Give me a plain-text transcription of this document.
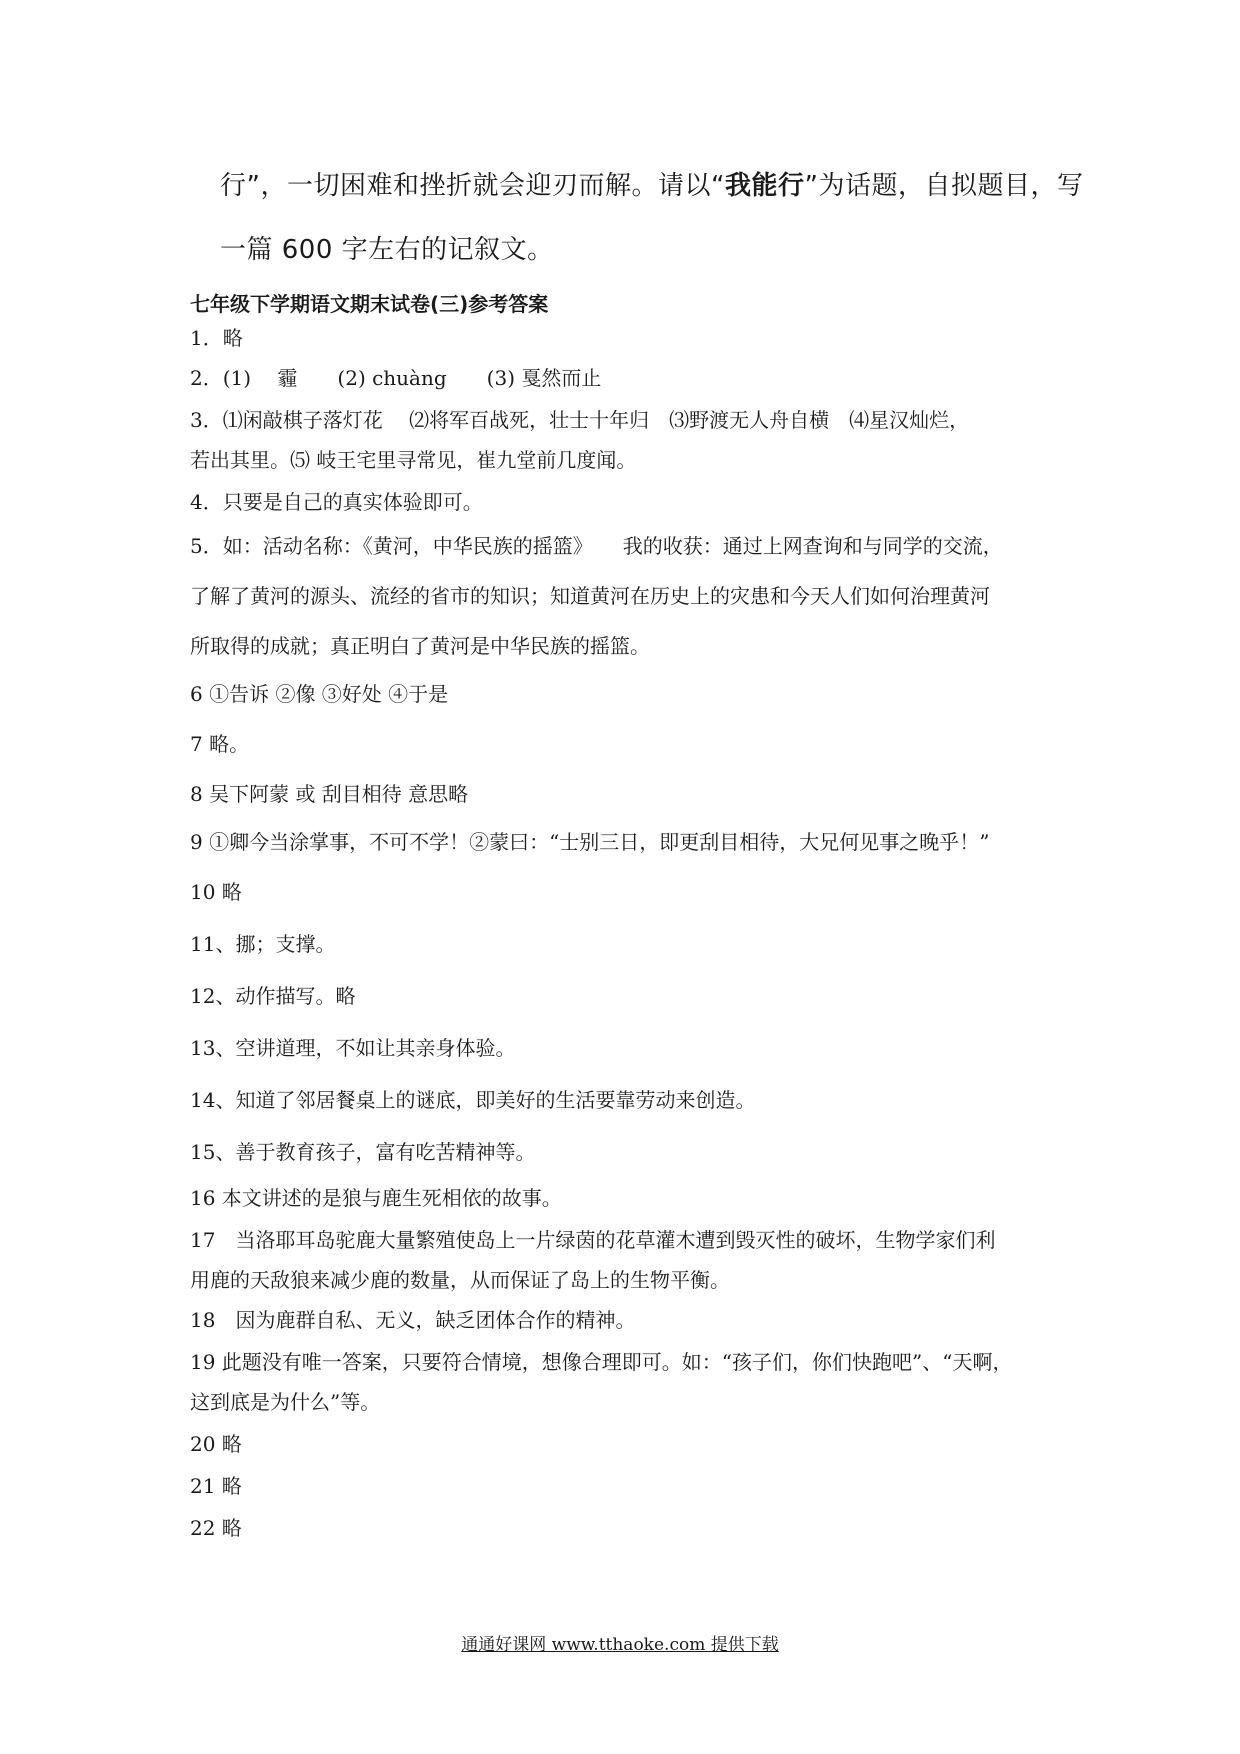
行”，一切困难和挫折就会迎刃而解。请以“我能行”为话题，自拟题目，写
一篇 600 字左右的记叙文。
七年级下学期语文期末试卷(三)参考答案
1．略
2．(1)　 霾　　(2) chuàng　　(3) 戛然而止
3．⑴闲敲棋子落灯花　 ⑵将军百战死，壮士十年归　⑶野渡无人舟自横　⑷星汉灿烂，
若出其里。⑸ 岐王宅里寻常见，崔九堂前几度闻。
4．只要是自己的真实体验即可。
5．如：活动名称：《黄河，中华民族的摇篮》　　我的收获：通过上网查询和与同学的交流，
了解了黄河的源头、流经的省市的知识；知道黄河在历史上的灾患和今天人们如何治理黄河
所取得的成就；真正明白了黄河是中华民族的摇篮。
6 ①告诉 ②像 ③好处 ④于是
7 略。
8 吴下阿蒙 或 刮目相待 意思略
9 ①卿今当涂掌事，不可不学！②蒙曰：“士别三日，即更刮目相待，大兄何见事之晚乎！”
10 略
11、挪；支撑。
12、动作描写。略
13、空讲道理，不如让其亲身体验。
14、知道了邻居餐桌上的谜底，即美好的生活要靠劳动来创造。
15、善于教育孩子，富有吃苦精神等。
16 本文讲述的是狼与鹿生死相依的故事。
17　当洛耶耳岛驼鹿大量繁殖使岛上一片绿茵的花草灌木遭到毁灭性的破坏，生物学家们利
用鹿的天敌狼来减少鹿的数量，从而保证了岛上的生物平衡。
18　因为鹿群自私、无义，缺乏团体合作的精神。
19 此题没有唯一答案，只要符合情境，想像合理即可。如：“孩子们，你们快跑吧”、“天啊，
这到底是为什么”等。
20 略
21 略
22 略
通通好课网 www.tthaoke.com 提供下载
